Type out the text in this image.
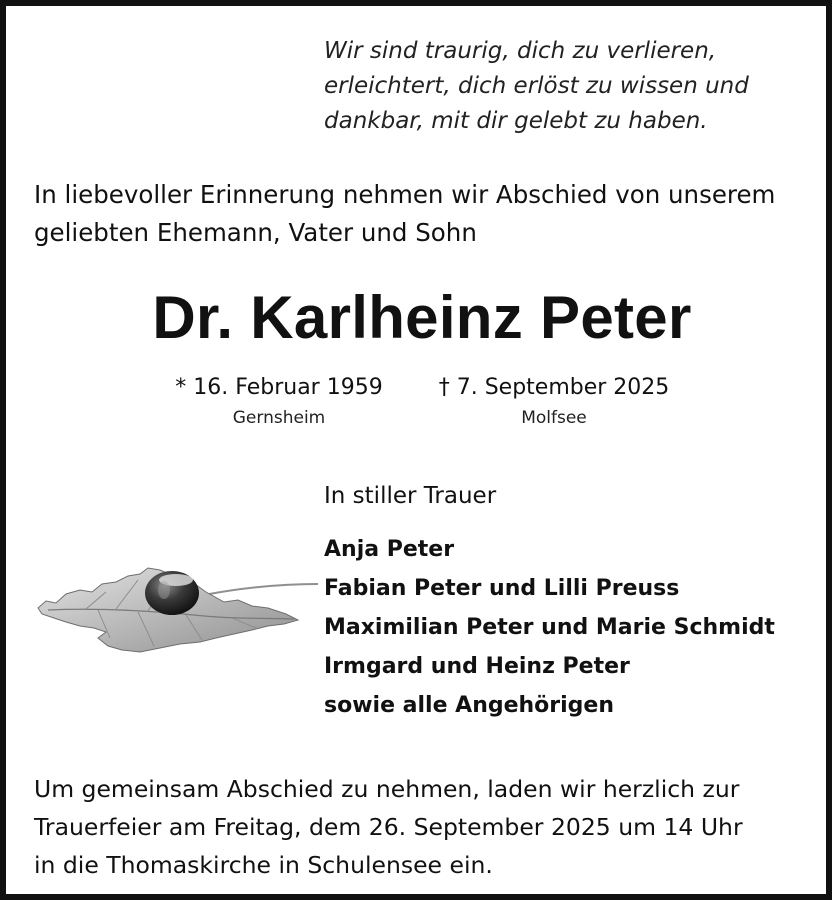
Wir sind traurig, dich zu verlieren,
erleichtert, dich erlöst zu wissen und
dankbar, mit dir gelebt zu haben.
In liebevoller Erinnerung nehmen wir Abschied von unserem
geliebten Ehemann, Vater und Sohn
Dr. Karlheinz Peter
* 16. Februar 1959
Gernsheim
† 7. September 2025
Molfsee
In stiller Trauer
Anja Peter
Fabian Peter und Lilli Preuss
Maximilian Peter und Marie Schmidt
Irmgard und Heinz Peter
sowie alle Angehörigen
Um gemeinsam Abschied zu nehmen, laden wir herzlich zur
Trauerfeier am Freitag, dem 26. September 2025 um 14 Uhr
in die Thomaskirche in Schulensee ein.
